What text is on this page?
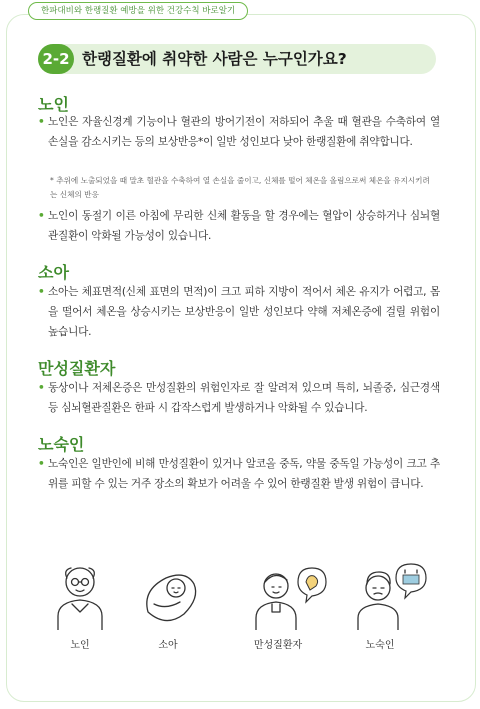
한파대비와 한랭질환 예방을 위한 건강수칙 바로알기
2-2 한랭질환에 취약한 사람은 누구인가요?
노인
• 노인은 자율신경계 기능이나 혈관의 방어기전이 저하되어 추울 때 혈관을 수축하여 열 손실을 감소시키는 등의 보상반응*이 일반 성인보다 낮아 한랭질환에 취약합니다.
* 추위에 노출되었을 때 말초 혈관을 수축하여 열 손실을 줄이고, 신체를 떨어 체온을 올림으로써 체온을 유지시키려는 신체의 반응
• 노인이 동절기 이른 아침에 무리한 신체 활동을 할 경우에는 혈압이 상승하거나 심뇌혈관질환이 악화될 가능성이 있습니다.
소아
• 소아는 체표면적(신체 표면의 면적)이 크고 피하 지방이 적어서 체온 유지가 어렵고, 몸을 떨어서 체온을 상승시키는 보상반응이 일반 성인보다 약해 저체온증에 걸릴 위험이 높습니다.
만성질환자
• 동상이나 저체온증은 만성질환의 위험인자로 잘 알려져 있으며 특히, 뇌졸중, 심근경색 등 심뇌혈관질환은 한파 시 갑작스럽게 발생하거나 악화될 수 있습니다.
노숙인
• 노숙인은 일반인에 비해 만성질환이 있거나 알코올 중독, 약물 중독일 가능성이 크고 추위를 피할 수 있는 거주 장소의 확보가 어려울 수 있어 한랭질환 발생 위험이 큽니다.
노인	소아	만성질환자	노숙인
